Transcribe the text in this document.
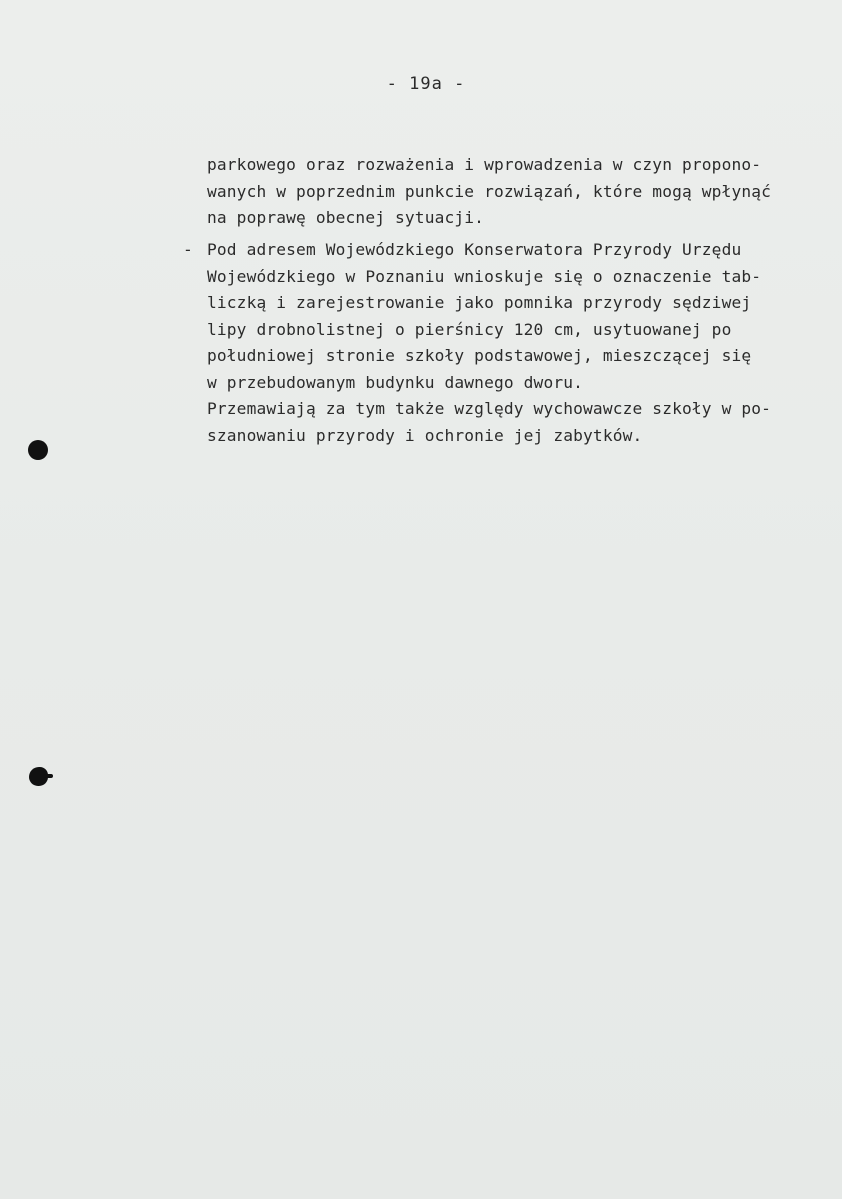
- 19a -
parkowego oraz rozważenia i wprowadzenia w czyn propono-
wanych w poprzednim punkcie rozwiązań, które mogą wpłynąć
na poprawę obecnej sytuacji.
- Pod adresem Wojewódzkiego Konserwatora Przyrody Urzędu
Wojewódzkiego w Poznaniu wnioskuje się o oznaczenie tab-
liczką i zarejestrowanie jako pomnika przyrody sędziwej
lipy drobnolistnej o pierśnicy 120 cm, usytuowanej po
południowej stronie szkoły podstawowej, mieszczącej się
w przebudowanym budynku dawnego dworu.
Przemawiają za tym także względy wychowawcze szkoły w po-
szanowaniu przyrody i ochronie jej zabytków.
